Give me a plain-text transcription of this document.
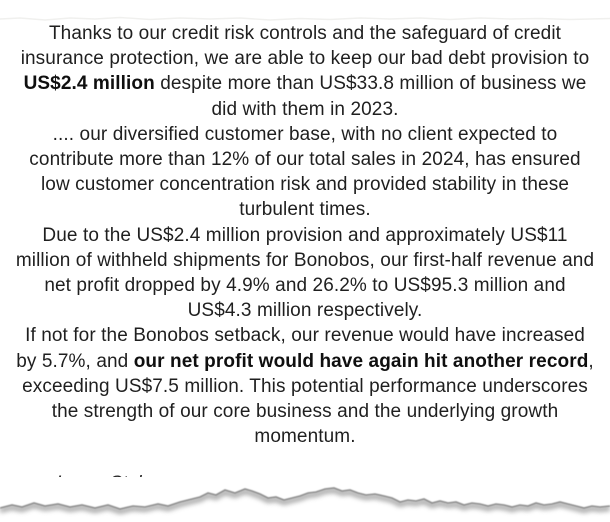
Thanks to our credit risk controls and the safeguard of credit insurance protection, we are able to keep our bad debt provision to US$2.4 million despite more than US$33.8 million of business we did with them in 2023.

.... our diversified customer base, with no client expected to contribute more than 12% of our total sales in 2024, has ensured low customer concentration risk and provided stability in these turbulent times.

Due to the US$2.4 million provision and approximately US$11 million of withheld shipments for Bonobos, our first-half revenue and net profit dropped by 4.9% and 26.2% to US$95.3 million and US$4.3 million respectively.

If not for the Bonobos setback, our revenue would have increased by 5.7%, and our net profit would have again hit another record, exceeding US$7.5 million. This potential performance underscores the strength of our core business and the underlying growth momentum.
